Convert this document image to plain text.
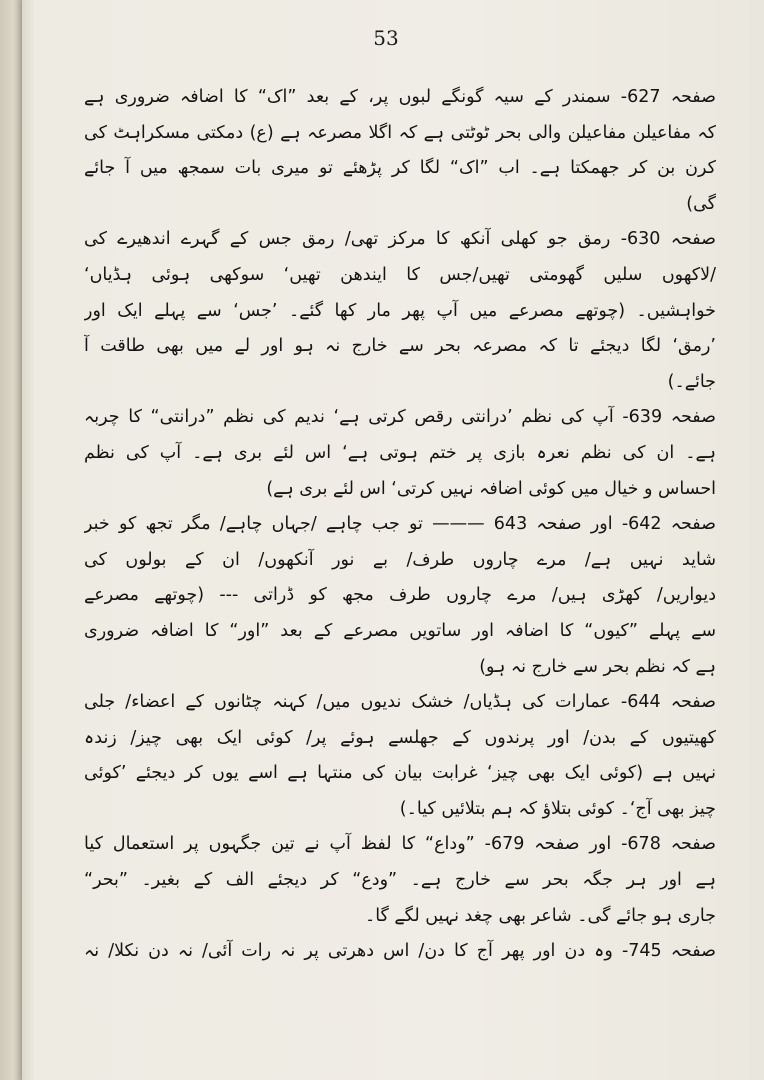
53
صفحہ 627- سمندر کے سیہ گونگے لبوں پر، کے بعد ”اک“ کا اضافہ ضروری ہے
کہ مفاعیلن مفاعیلن والی بحر ٹوٹتی ہے کہ اگلا مصرعہ ہے (ع) دمکتی مسکراہٹ کی
کرن بن کر جھمکتا ہے۔ اب ”اک“ لگا کر پڑھئے تو میری بات سمجھ میں آ جائے
گی)
صفحہ 630- رمق جو کھلی آنکھ کا مرکز تھی/ رمق جس کے گہرے اندھیرے کی
/لاکھوں سلیں گھومتی تھیں/جس کا ایندھن تھیں‘ سوکھی ہوئی ہڈیاں‘
خواہشیں۔ (چوتھے مصرعے میں آپ پھر مار کھا گئے۔ ’جس‘ سے پہلے ایک اور
’رمق‘ لگا دیجئے تا کہ مصرعہ بحر سے خارج نہ ہو اور لے میں بھی طاقت آ
جائے۔)
صفحہ 639- آپ کی نظم ’درانتی رقص کرتی ہے‘ ندیم کی نظم ”درانتی“ کا چربہ
ہے۔ ان کی نظم نعرہ بازی پر ختم ہوتی ہے‘ اس لئے بری ہے۔ آپ کی نظم
احساس و خیال میں کوئی اضافہ نہیں کرتی‘ اس لئے بری ہے)
صفحہ 642- اور صفحہ 643 ——— تو جب چاہے /جہاں چاہے/ مگر تجھ کو خبر
شاید نہیں ہے/ مرے چاروں طرف/ بے نور آنکھوں/ ان کے بولوں کی
دیواریں/ کھڑی ہیں/ مرے چاروں طرف مجھ کو ڈراتی --- (چوتھے مصرعے
سے پہلے ”کیوں“ کا اضافہ اور ساتویں مصرعے کے بعد ”اور“ کا اضافہ ضروری
ہے کہ نظم بحر سے خارج نہ ہو)
صفحہ 644- عمارات کی ہڈیاں/ خشک ندیوں میں/ کہنہ چٹانوں کے اعضاء/ جلی
کھیتیوں کے بدن/ اور پرندوں کے جھلسے ہوئے پر/ کوئی ایک بھی چیز/ زندہ
نہیں ہے (کوئی ایک بھی چیز‘ غرابت بیان کی منتہا ہے اسے یوں کر دیجئے ’کوئی
چیز بھی آج‘۔ کوئی بتلاؤ کہ ہم بتلائیں کیا۔)
صفحہ 678- اور صفحہ 679- ”وداع“ کا لفظ آپ نے تین جگہوں پر استعمال کیا
ہے اور ہر جگہ بحر سے خارج ہے۔ ”ودع“ کر دیجئے الف کے بغیر۔ ”بحر“
جاری ہو جائے گی۔ شاعر بھی چغد نہیں لگے گا۔
صفحہ 745- وہ دن اور پھر آج کا دن/ اس دھرتی پر نہ رات آئی/ نہ دن نکلا/ نہ
